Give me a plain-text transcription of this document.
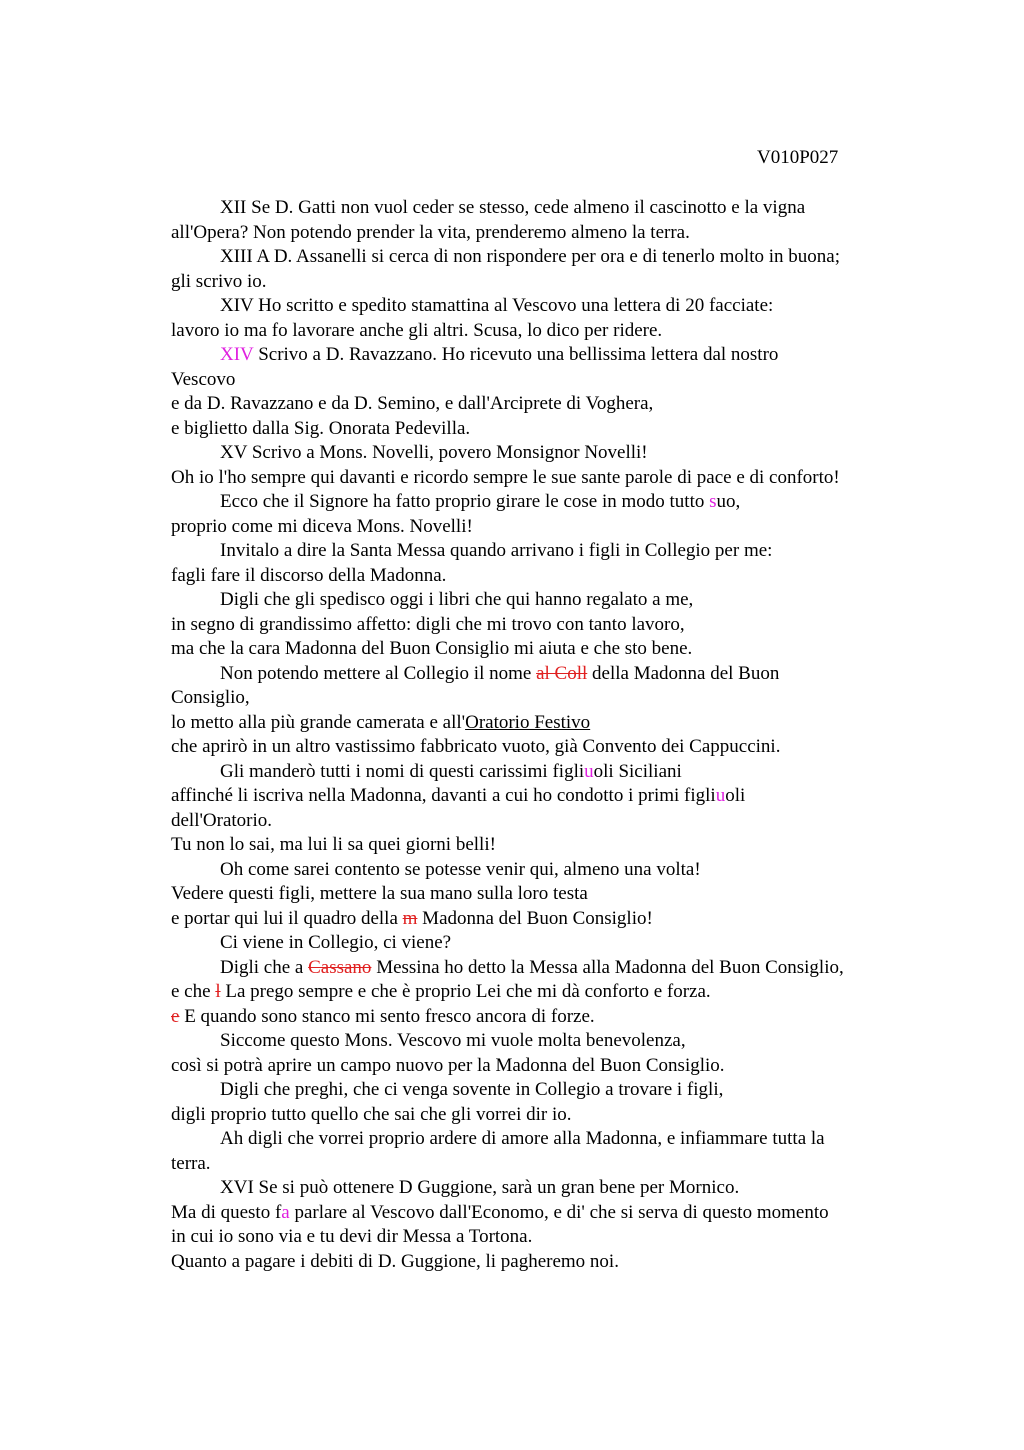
V010P027
XII Se D. Gatti non vuol ceder se stesso, cede almeno il cascinotto e la vigna
all'Opera? Non potendo prender la vita, prenderemo almeno la terra.
XIII A D. Assanelli si cerca di non rispondere per ora e di tenerlo molto in buona;
gli scrivo io.
XIV Ho scritto e spedito stamattina al Vescovo una lettera di 20 facciate:
lavoro io ma fo lavorare anche gli altri. Scusa, lo dico per ridere.
XIV Scrivo a D. Ravazzano. Ho ricevuto una bellissima lettera dal nostro
Vescovo
e da D. Ravazzano e da D. Semino, e dall'Arciprete di Voghera,
e biglietto dalla Sig. Onorata Pedevilla.
XV Scrivo a Mons. Novelli, povero Monsignor Novelli!
Oh io l'ho sempre qui davanti e ricordo sempre le sue sante parole di pace e di conforto!
Ecco che il Signore ha fatto proprio girare le cose in modo tutto suo,
proprio come mi diceva Mons. Novelli!
Invitalo a dire la Santa Messa quando arrivano i figli in Collegio per me:
fagli fare il discorso della Madonna.
Digli che gli spedisco oggi i libri che qui hanno regalato a me,
in segno di grandissimo affetto: digli che mi trovo con tanto lavoro,
ma che la cara Madonna del Buon Consiglio mi aiuta e che sto bene.
Non potendo mettere al Collegio il nome al Coll della Madonna del Buon
Consiglio,
lo metto alla più grande camerata e all'Oratorio Festivo
che aprirò in un altro vastissimo fabbricato vuoto, già Convento dei Cappuccini.
Gli manderò tutti i nomi di questi carissimi figliuoli Siciliani
affinché li iscriva nella Madonna, davanti a cui ho condotto i primi figliuoli
dell'Oratorio.
Tu non lo sai, ma lui li sa quei giorni belli!
Oh come sarei contento se potesse venir qui, almeno una volta!
Vedere questi figli, mettere la sua mano sulla loro testa
e portar qui lui il quadro della m Madonna del Buon Consiglio!
Ci viene in Collegio, ci viene?
Digli che a Cassano Messina ho detto la Messa alla Madonna del Buon Consiglio,
e che l La prego sempre e che è proprio Lei che mi dà conforto e forza.
e E quando sono stanco mi sento fresco ancora di forze.
Siccome questo Mons. Vescovo mi vuole molta benevolenza,
così si potrà aprire un campo nuovo per la Madonna del Buon Consiglio.
Digli che preghi, che ci venga sovente in Collegio a trovare i figli,
digli proprio tutto quello che sai che gli vorrei dir io.
Ah digli che vorrei proprio ardere di amore alla Madonna, e infiammare tutta la
terra.
XVI Se si può ottenere D Guggione, sarà un gran bene per Mornico.
Ma di questo fa parlare al Vescovo dall'Economo, e di' che si serva di questo momento
in cui io sono via e tu devi dir Messa a Tortona.
Quanto a pagare i debiti di D. Guggione, li pagheremo noi.
